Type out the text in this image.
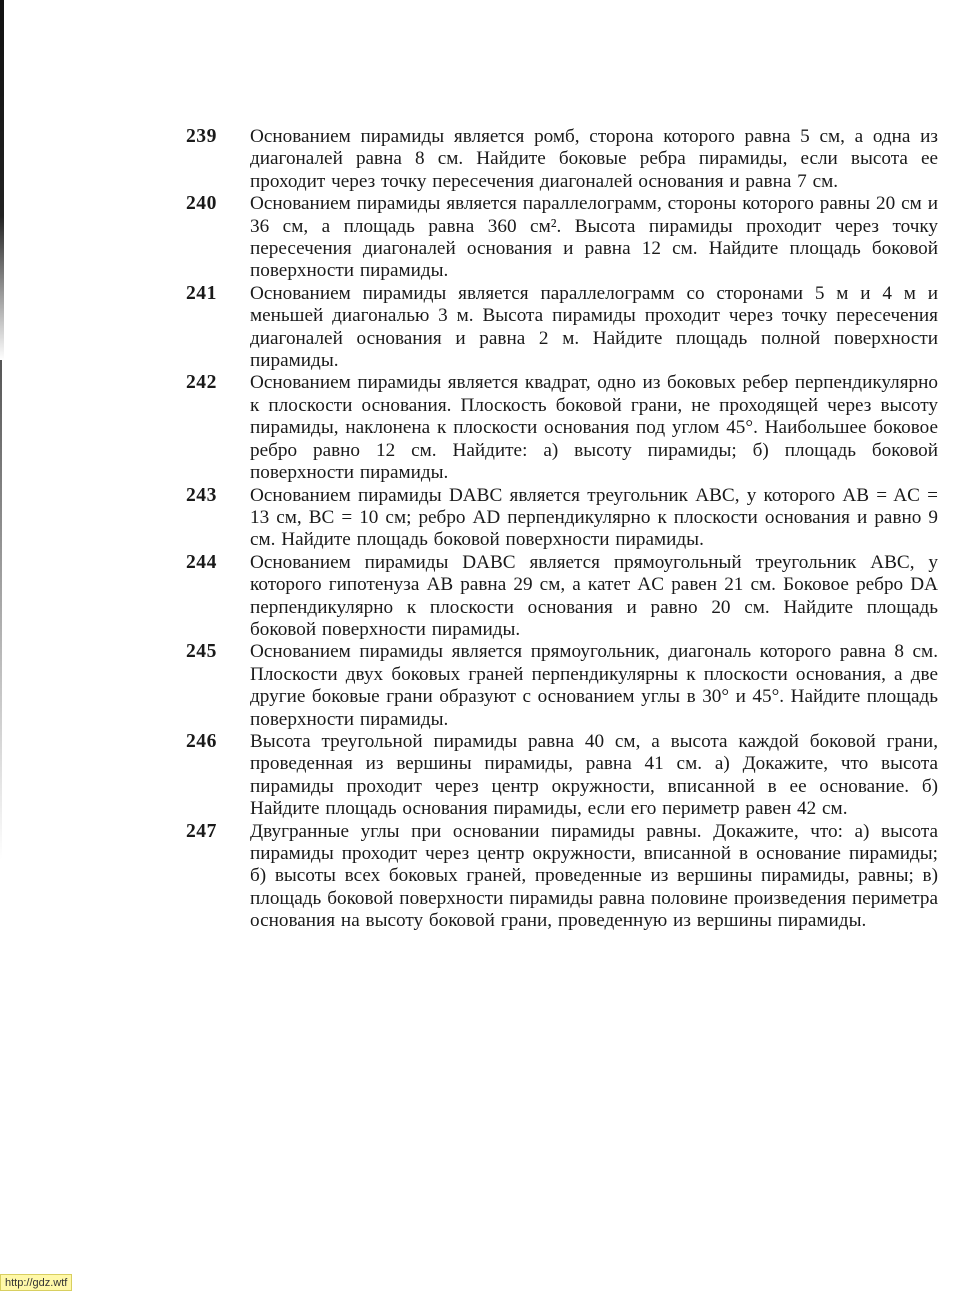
239	Основанием пирамиды является ромб, сторона которого равна 5 см, а одна из диагоналей равна 8 см. Найдите боковые ребра пирамиды, если высота ее проходит через точку пересечения диагоналей основания и равна 7 см.
240	Основанием пирамиды является параллелограмм, стороны которого равны 20 см и 36 см, а площадь равна 360 см². Высота пирамиды проходит через точку пересечения диагоналей основания и равна 12 см. Найдите площадь боковой поверхности пирамиды.
241	Основанием пирамиды является параллелограмм со сторонами 5 м и 4 м и меньшей диагональю 3 м. Высота пирамиды проходит через точку пересечения диагоналей основания и равна 2 м. Найдите площадь полной поверхности пирамиды.
242	Основанием пирамиды является квадрат, одно из боковых ребер перпендикулярно к плоскости основания. Плоскость боковой грани, не проходящей через высоту пирамиды, наклонена к плоскости основания под углом 45°. Наибольшее боковое ребро равно 12 см. Найдите: а) высоту пирамиды; б) площадь боковой поверхности пирамиды.
243	Основанием пирамиды DABC является треугольник ABC, у которого AB = AC = 13 см, BC = 10 см; ребро AD перпендикулярно к плоскости основания и равно 9 см. Найдите площадь боковой поверхности пирамиды.
244	Основанием пирамиды DABC является прямоугольный треугольник ABC, у которого гипотенуза AB равна 29 см, а катет AC равен 21 см. Боковое ребро DA перпендикулярно к плоскости основания и равно 20 см. Найдите площадь боковой поверхности пирамиды.
245	Основанием пирамиды является прямоугольник, диагональ которого равна 8 см. Плоскости двух боковых граней перпендикулярны к плоскости основания, а две другие боковые грани образуют с основанием углы в 30° и 45°. Найдите площадь поверхности пирамиды.
246	Высота треугольной пирамиды равна 40 см, а высота каждой боковой грани, проведенная из вершины пирамиды, равна 41 см. а) Докажите, что высота пирамиды проходит через центр окружности, вписанной в ее основание. б) Найдите площадь основания пирамиды, если его периметр равен 42 см.
247	Двугранные углы при основании пирамиды равны. Докажите, что: а) высота пирамиды проходит через центр окружности, вписанной в основание пирамиды; б) высоты всех боковых граней, проведенные из вершины пирамиды, равны; в) площадь боковой поверхности пирамиды равна половине произведения периметра основания на высоту боковой грани, проведенную из вершины пирамиды.
http://gdz.wtf
